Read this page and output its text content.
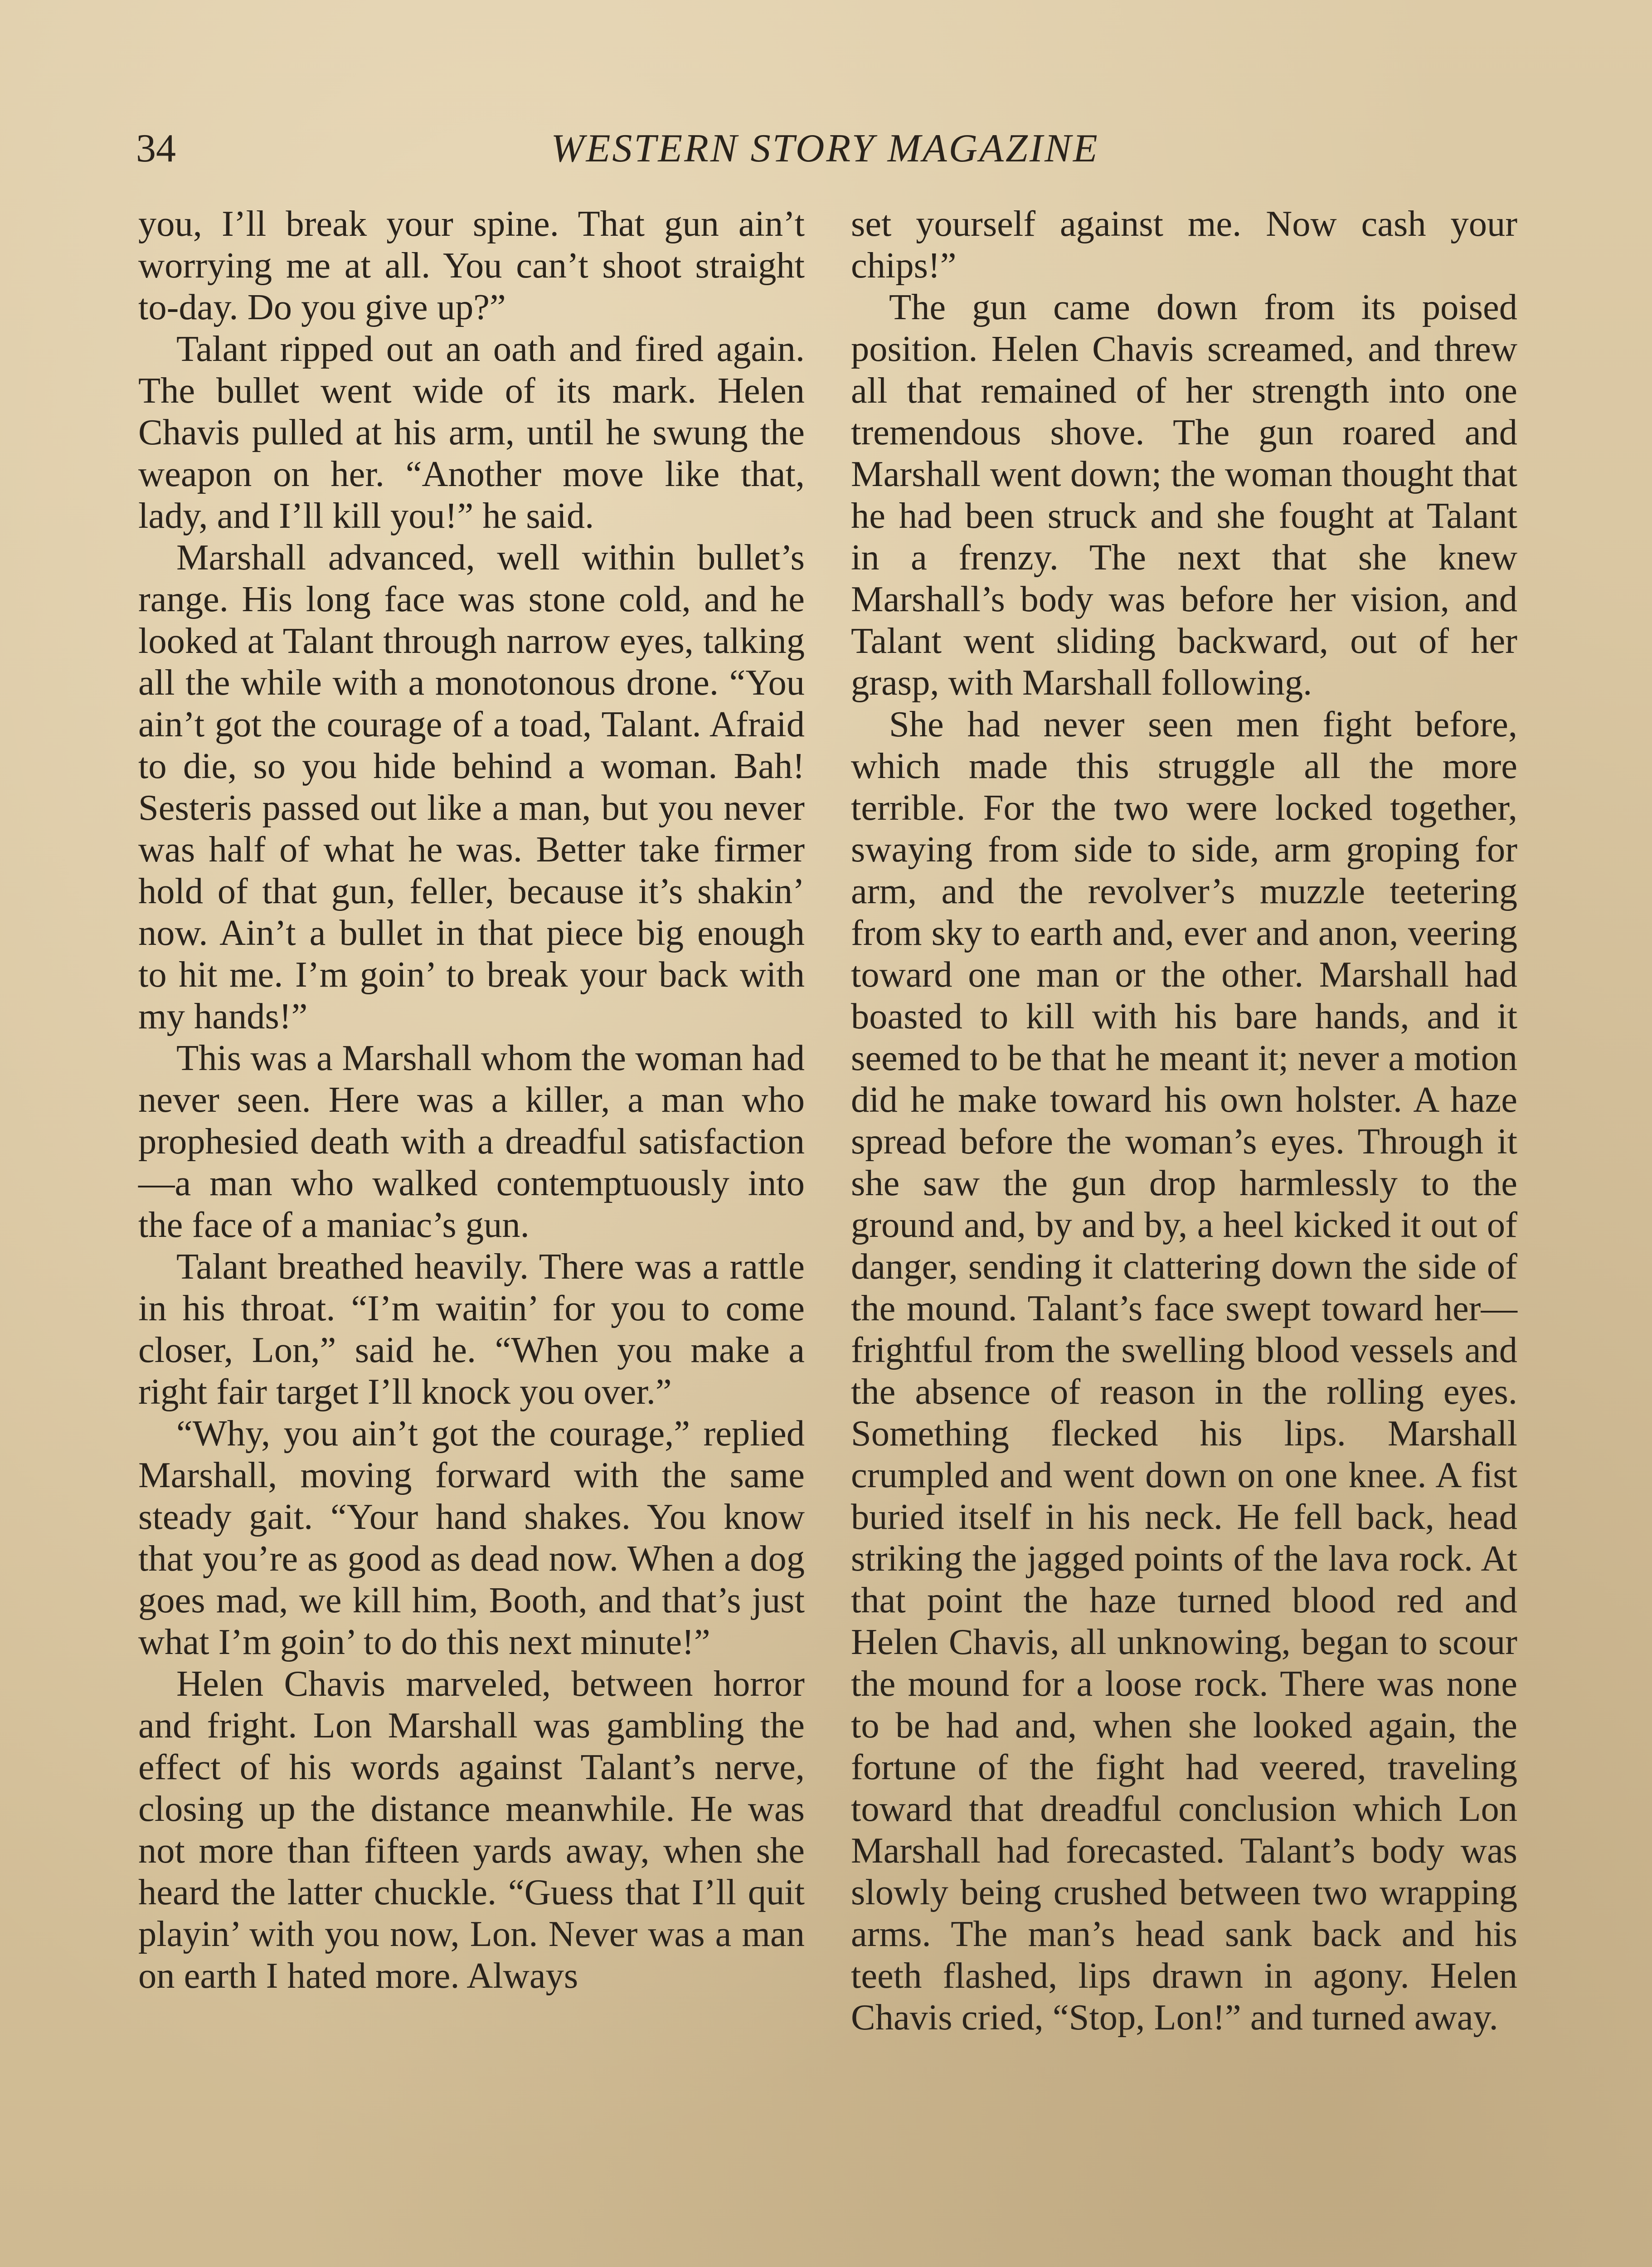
34	WESTERN STORY MAGAZINE

you, I’ll break your spine. That gun ain’t worrying me at all. You can’t shoot straight to-day. Do you give up?”

Talant ripped out an oath and fired again. The bullet went wide of its mark. Helen Chavis pulled at his arm, until he swung the weapon on her. “Another move like that, lady, and I’ll kill you!” he said.

Marshall advanced, well within bullet’s range. His long face was stone cold, and he looked at Talant through narrow eyes, talking all the while with a monotonous drone. “You ain’t got the courage of a toad, Talant. Afraid to die, so you hide behind a woman. Bah! Sesteris passed out like a man, but you never was half of what he was. Better take firmer hold of that gun, feller, because it’s shakin’ now. Ain’t a bullet in that piece big enough to hit me. I’m goin’ to break your back with my hands!”

This was a Marshall whom the woman had never seen. Here was a killer, a man who prophesied death with a dreadful satisfaction—a man who walked contemptuously into the face of a maniac’s gun.

Talant breathed heavily. There was a rattle in his throat. “I’m waitin’ for you to come closer, Lon,” said he. “When you make a right fair target I’ll knock you over.”

“Why, you ain’t got the courage,” replied Marshall, moving forward with the same steady gait. “Your hand shakes. You know that you’re as good as dead now. When a dog goes mad, we kill him, Booth, and that’s just what I’m goin’ to do this next minute!”

Helen Chavis marveled, between horror and fright. Lon Marshall was gambling the effect of his words against Talant’s nerve, closing up the distance meanwhile. He was not more than fifteen yards away, when she heard the latter chuckle. “Guess that I’ll quit playin’ with you now, Lon. Never was a man on earth I hated more. Always

set yourself against me. Now cash your chips!”

The gun came down from its poised position. Helen Chavis screamed, and threw all that remained of her strength into one tremendous shove. The gun roared and Marshall went down; the woman thought that he had been struck and she fought at Talant in a frenzy. The next that she knew Marshall’s body was before her vision, and Talant went sliding backward, out of her grasp, with Marshall following.

She had never seen men fight before, which made this struggle all the more terrible. For the two were locked together, swaying from side to side, arm groping for arm, and the revolver’s muzzle teetering from sky to earth and, ever and anon, veering toward one man or the other. Marshall had boasted to kill with his bare hands, and it seemed to be that he meant it; never a motion did he make toward his own holster. A haze spread before the woman’s eyes. Through it she saw the gun drop harmlessly to the ground and, by and by, a heel kicked it out of danger, sending it clattering down the side of the mound. Talant’s face swept toward her—frightful from the swelling blood vessels and the absence of reason in the rolling eyes. Something flecked his lips. Marshall crumpled and went down on one knee. A fist buried itself in his neck. He fell back, head striking the jagged points of the lava rock. At that point the haze turned blood red and Helen Chavis, all unknowing, began to scour the mound for a loose rock. There was none to be had and, when she looked again, the fortune of the fight had veered, traveling toward that dreadful conclusion which Lon Marshall had forecasted. Talant’s body was slowly being crushed between two wrapping arms. The man’s head sank back and his teeth flashed, lips drawn in agony. Helen Chavis cried, “Stop, Lon!” and turned away.
